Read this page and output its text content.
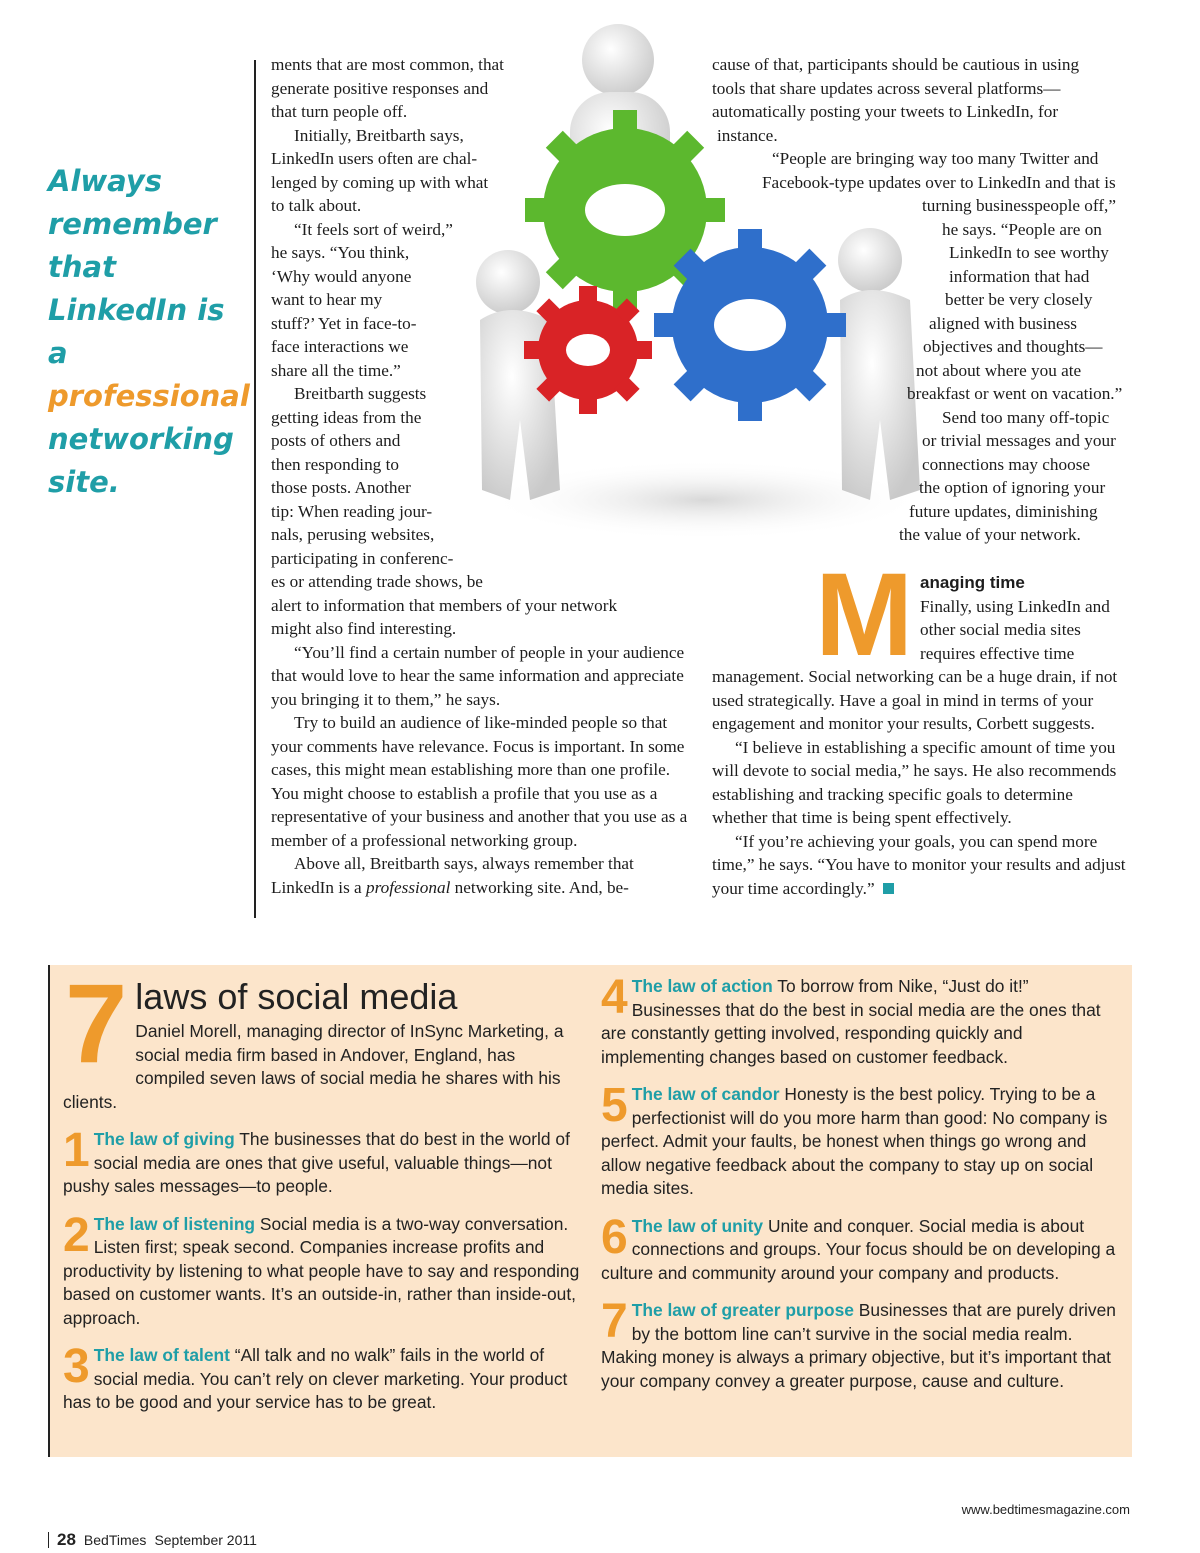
Always
remember
that
LinkedIn is a
professional
networking
site.
ments that are most common, that
generate positive responses and
that turn people off.
Initially, Breitbarth says,
LinkedIn users often are chal-
lenged by coming up with what
to talk about.
“It feels sort of weird,”
he says. “You think,
‘Why would anyone
want to hear my
stuff?’ Yet in face-to-
face interactions we
share all the time.”
Breitbarth suggests
getting ideas from the
posts of others and
then responding to
those posts. Another
tip: When reading jour-
nals, perusing websites,
participating in conferenc-
es or attending trade shows, be
alert to information that members of your network
might also find interesting.

“You’ll find a certain number of people in your audience that would love to hear the same information and appreciate you bringing it to them,” he says.

Try to build an audience of like-minded people so that your comments have relevance. Focus is important. In some cases, this might mean establishing more than one profile. You might choose to establish a profile that you use as a representative of your business and another that you use as a member of a professional networking group.

Above all, Breitbarth says, always remember that LinkedIn is a professional networking site. And, be-

cause of that, participants should be cautious in using
tools that share updates across several platforms—
automatically posting your tweets to LinkedIn, for
instance.
“People are bringing way too many Twitter and
Facebook-type updates over to LinkedIn and that is
turning businesspeople off,”
he says. “People are on
LinkedIn to see worthy
information that had
better be very closely
aligned with business
objectives and thoughts—
not about where you ate
breakfast or went on vacation.”
Send too many off-topic
or trivial messages and your
connections may choose
the option of ignoring your
future updates, diminishing
the value of your network.
M anaging time
Finally, using LinkedIn and
other social media sites
requires effective time

management. Social networking can be a huge drain, if not used strategically. Have a goal in mind in terms of your engagement and monitor your results, Corbett suggests.

“I believe in establishing a specific amount of time you will devote to social media,” he says. He also recommends establishing and tracking specific goals to determine whether that time is being spent effectively.

“If you’re achieving your goals, you can spend more time,” he says. “You have to monitor your results and adjust your time accordingly.”

7 laws of social media
Daniel Morell, managing director of InSync Marketing, a social media firm based in Andover, England, has compiled seven laws of social media he shares with his clients.
1 The law of giving The businesses that do best in the world of social media are ones that give useful, valuable things—not pushy sales messages—to people.
2 The law of listening Social media is a two-way conversation. Listen first; speak second. Companies increase profits and productivity by listening to what people have to say and responding based on customer wants. It’s an outside-in, rather than inside-out, approach.
3 The law of talent “All talk and no walk” fails in the world of social media. You can’t rely on clever marketing. Your product has to be good and your service has to be great.
4 The law of action To borrow from Nike, “Just do it!” Businesses that do the best in social media are the ones that are constantly getting involved, responding quickly and implementing changes based on customer feedback.
5 The law of candor Honesty is the best policy. Trying to be a perfectionist will do you more harm than good: No company is perfect. Admit your faults, be honest when things go wrong and allow negative feedback about the company to stay up on social media sites.
6 The law of unity Unite and conquer. Social media is about connections and groups. Your focus should be on developing a culture and community around your company and products.
7 The law of greater purpose Businesses that are purely driven by the bottom line can’t survive in the social media realm. Making money is always a primary objective, but it’s important that your company convey a greater purpose, cause and culture.
28 BedTimes September 2011
www.bedtimesmagazine.com
